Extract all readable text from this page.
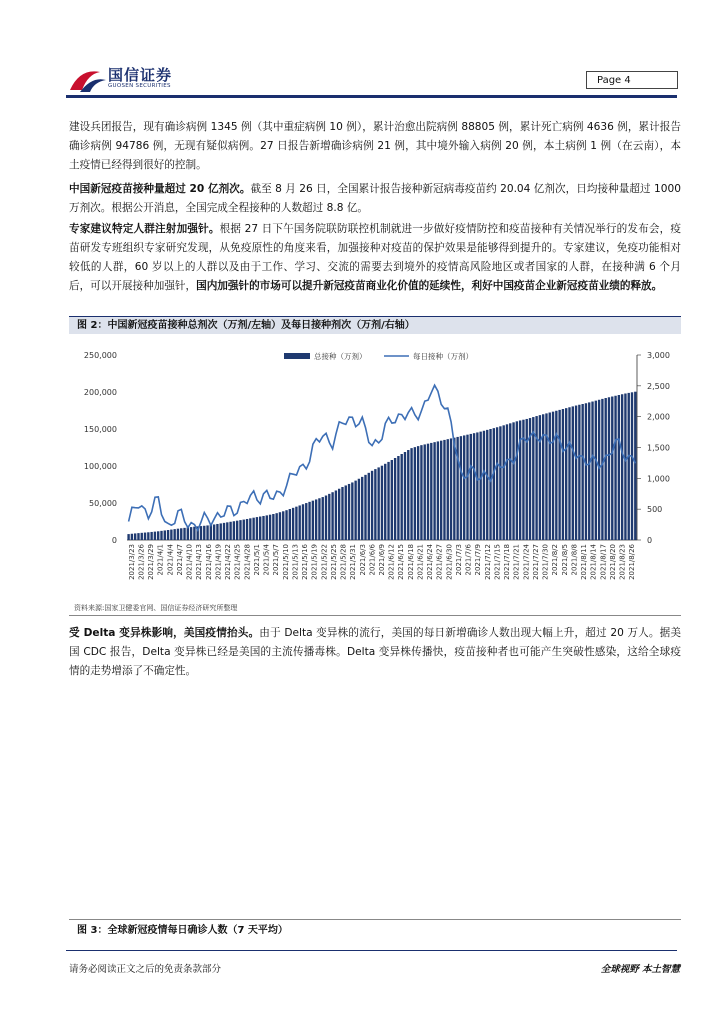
国信证券
GUOSEN SECURITIES	Page 4
建设兵团报告，现有确诊病例 1345 例（其中重症病例 10 例），累计治愈出院病例 88805 例，累计死亡病例 4636 例，累计报告确诊病例 94786 例，无现有疑似病例。27 日报告新增确诊病例 21 例，其中境外输入病例 20 例，本土病例 1 例（在云南），本土疫情已经得到很好的控制。
中国新冠疫苗接种量超过 20 亿剂次。截至 8 月 26 日，全国累计报告接种新冠病毒疫苗约 20.04 亿剂次，日均接种量超过 1000 万剂次。根据公开消息，全国完成全程接种的人数超过 8.8 亿。
专家建议特定人群注射加强针。根据 27 日下午国务院联防联控机制就进一步做好疫情防控和疫苗接种有关情况举行的发布会，疫苗研发专班组织专家研究发现，从免疫原性的角度来看，加强接种对疫苗的保护效果是能够得到提升的。专家建议，免疫功能相对较低的人群，60 岁以上的人群以及由于工作、学习、交流的需要去到境外的疫情高风险地区或者国家的人群，在接种满 6 个月后，可以开展接种加强针，国内加强针的市场可以提升新冠疫苗商业化价值的延续性，利好中国疫苗企业新冠疫苗业绩的释放。
图 2：中国新冠疫苗接种总剂次（万剂/左轴）及每日接种剂次（万剂/右轴）
0
50,000
100,000
150,000
200,000
250,000
0
500
1,000
1,500
2,000
2,500
3,000
2021/3/23 2021/3/26 2021/3/29 2021/4/1 2021/4/4 2021/4/7 2021/4/10 2021/4/13 2021/4/16 2021/4/19 2021/4/22 2021/4/25 2021/4/28 2021/5/1 2021/5/4 2021/5/7 2021/5/10 2021/5/13 2021/5/16 2021/5/19 2021/5/22 2021/5/25 2021/5/28 2021/5/31 2021/6/3 2021/6/6 2021/6/9 2021/6/12 2021/6/15 2021/6/18 2021/6/21 2021/6/24 2021/6/27 2021/6/30 2021/7/3 2021/7/6 2021/7/9 2021/7/12 2021/7/15 2021/7/18 2021/7/21 2021/7/24 2021/7/27 2021/7/30 2021/8/2 2021/8/5 2021/8/8 2021/8/11 2021/8/14 2021/8/17 2021/8/20 2021/8/23 2021/8/26
总接种（万剂）	每日接种（万剂）
资料来源:国家卫健委官网、国信证券经济研究所整理
受 Delta 变异株影响，美国疫情抬头。由于 Delta 变异株的流行，美国的每日新增确诊人数出现大幅上升，超过 20 万人。据美国 CDC 报告，Delta 变异株已经是美国的主流传播毒株。Delta 变异株传播快，疫苗接种者也可能产生突破性感染，这给全球疫情的走势增添了不确定性。
图 3：全球新冠疫情每日确诊人数（7 天平均）
请务必阅读正文之后的免责条款部分	全球视野 本土智慧
